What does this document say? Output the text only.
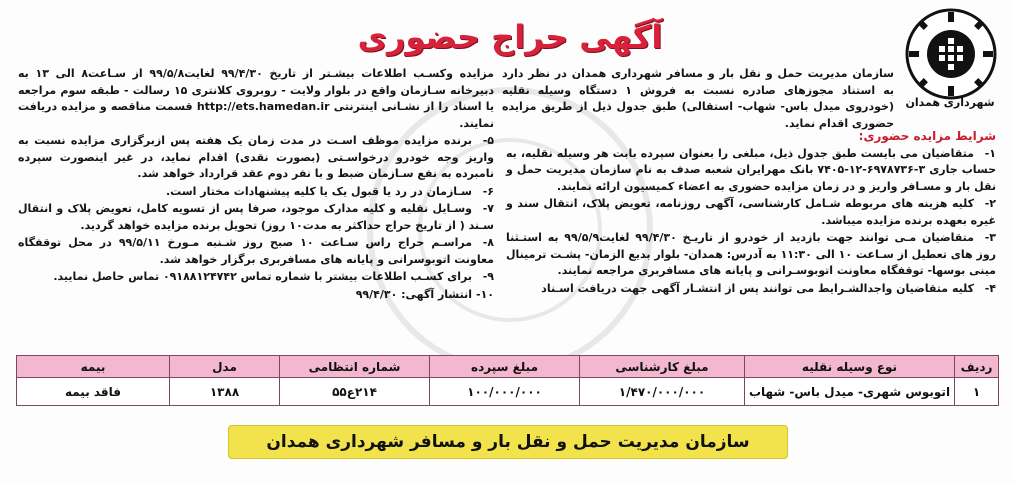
آگهی حراج حضوری
شهرداری همدان

سازمان مدیریت حمل و نقل بار و مسافر شهرداری همدان در نظر دارد به استناد مجوزهای صادره نسبت به فروش ۱ دستگاه وسیله نقلیه (خودروی میدل باس- شهاب- استقالی) طبق جدول ذیل از طریق مزایده حضوری اقدام نماید.

شرایط مزایده حضوری:

۱-متقاضیان می بایست طبق جدول ذیل، مبلغی را بعنوان سپرده بابت هر وسیله نقلیه، به حساب جاری ۳-۶۹۷۸۷۳۶-۱۲-۷۴۰۵ بانک مهرایران شعبه صدف به نام سازمان مدیریت حمل و نقل بار و مسـافر واریز و در زمان مزایده حضوری به اعضاء کمیسیون ارائه نمایند.

۲-کلیه هزینه های مربوطه شـامل کارشناسی، آگهی روزنامه، تعویض پلاک، انتقال سند و غیره بعهده برنده مزایده میباشد.

۳-متقاضیان مـی توانند جهت بازدید از خودرو از تاریـخ ۹۹/۴/۳۰ لغایت۹۹/۵/۹ به استـثنا روز های تعطیل از سـاعت ۱۰ الی ۱۱:۳۰ به آدرس: همدان- بلوار بدیع الزمان- پشـت ترمینال مینی بوسها- توقفگاه معاونت اتوبوسـرانی و پایانه های مسافربری مراجعه نمایند.

۴-کلیه متقاضیان واجدالشـرایط می توانند پس از انتشـار آگهی جهت دریافت اسـناد

مزایده وکسـب اطلاعات بیشـتر از تاریخ ۹۹/۴/۳۰ لغایت۹۹/۵/۸ از سـاعت۸ الی ۱۳ به دبیرخانه سـازمان واقع در بلوار ولایت - روبروی کلانتری ۱۵ رسالت - طبقه سوم مراجعه یا اسناد را از نشـانی اینترنتی http://ets.hamedan.ir قسمت مناقصه و مزایده دریافت نمایند.

۵-برنده مزایده موظف اسـت در مدت زمان یک هفته پس ازبرگزاری مزایده نسبت به واریز وجه خودرو درخواسـتی (بصورت نقدی) اقدام نماید، در غیر اینصورت سپرده نامبرده به نفع سـازمان ضبط و با نفر دوم عقد قرارداد خواهد شد.

۶-سـازمان در رد یا قبول یک یا کلیه پیشنهادات مختار است.

۷-وسـایل نقلیه و کلیه مدارک موجود، صرفا پس از تسویه کامل، تعویض پلاک و انتقال سـند ( از تاریخ حراج حداکثر به مدت۱۰ روز) تحویل برنده مزایده خواهد گردید.

۸-مراسـم حراج راس سـاعت ۱۰ صبح روز شـنبه مـورخ ۹۹/۵/۱۱ در محل توقفگاه معاونت اتوبوسرانی و پایانه های مسافربری برگزار خواهد شد.

۹-برای کسـب اطلاعات بیشتر با شماره تماس ۰۹۱۸۸۱۲۴۷۴۲ تماس حاصل نمایید.

۱۰-انتشار آگهی: ۹۹/۴/۳۰

ردیف	نوع وسیله نقلیه	مبلغ کارشناسی	مبلغ سپرده	شماره انتظامی	مدل	بیمه
۱	اتوبوس شهری- میدل باس- شهاب	۱/۴۷۰/۰۰۰/۰۰۰	۱۰۰/۰۰۰/۰۰۰	۲۱۴ع۵۵	۱۳۸۸	فاقد بیمه
سازمان مدیریت حمل و نقل بار و مسافر شهرداری همدان
